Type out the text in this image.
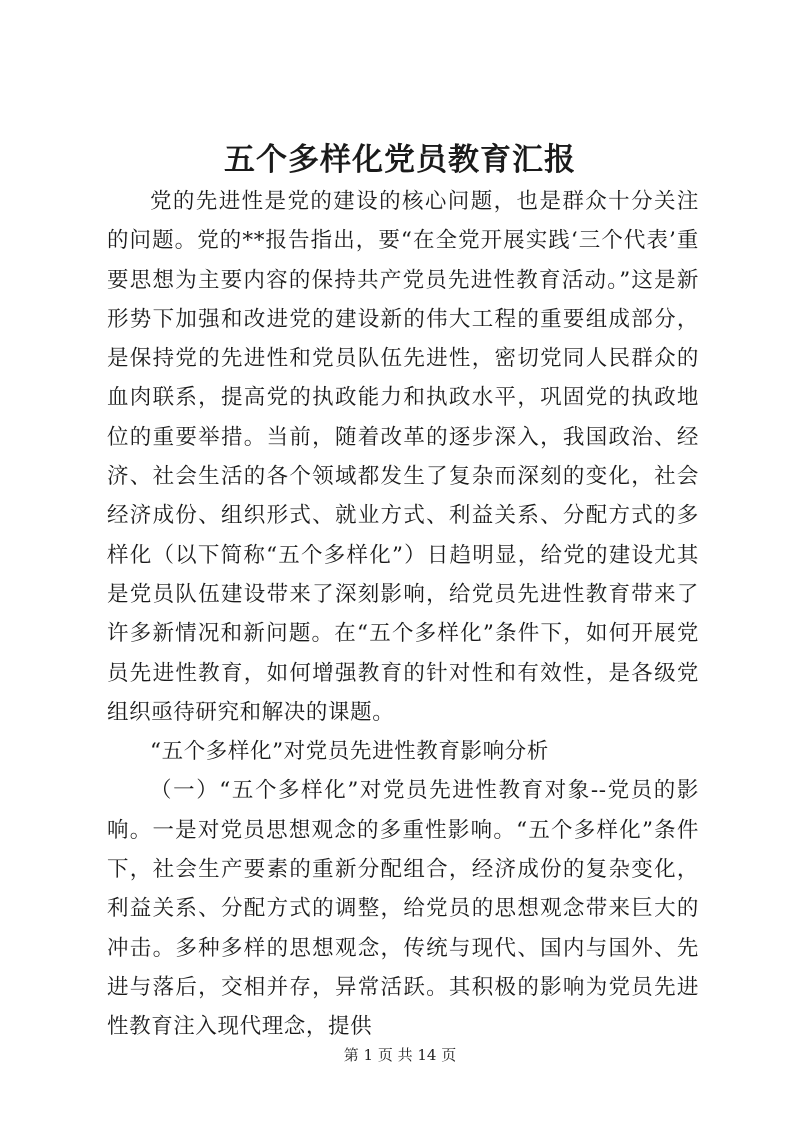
五个多样化党员教育汇报

党的先进性是党的建设的核心问题，也是群众十分关注的问题。党的**报告指出，要“在全党开展实践‘三个代表’重要思想为主要内容的保持共产党员先进性教育活动。”这是新形势下加强和改进党的建设新的伟大工程的重要组成部分，是保持党的先进性和党员队伍先进性，密切党同人民群众的血肉联系，提高党的执政能力和执政水平，巩固党的执政地位的重要举措。当前，随着改革的逐步深入，我国政治、经济、社会生活的各个领域都发生了复杂而深刻的变化，社会经济成份、组织形式、就业方式、利益关系、分配方式的多样化（以下简称“五个多样化”）日趋明显，给党的建设尤其是党员队伍建设带来了深刻影响，给党员先进性教育带来了许多新情况和新问题。在“五个多样化”条件下，如何开展党员先进性教育，如何增强教育的针对性和有效性，是各级党组织亟待研究和解决的课题。

“五个多样化”对党员先进性教育影响分析

（一）“五个多样化”对党员先进性教育对象--党员的影响。一是对党员思想观念的多重性影响。“五个多样化”条件下，社会生产要素的重新分配组合，经济成份的复杂变化，利益关系、分配方式的调整，给党员的思想观念带来巨大的冲击。多种多样的思想观念，传统与现代、国内与国外、先进与落后，交相并存，异常活跃。其积极的影响为党员先进性教育注入现代理念，提供

第 1 页 共 14 页
